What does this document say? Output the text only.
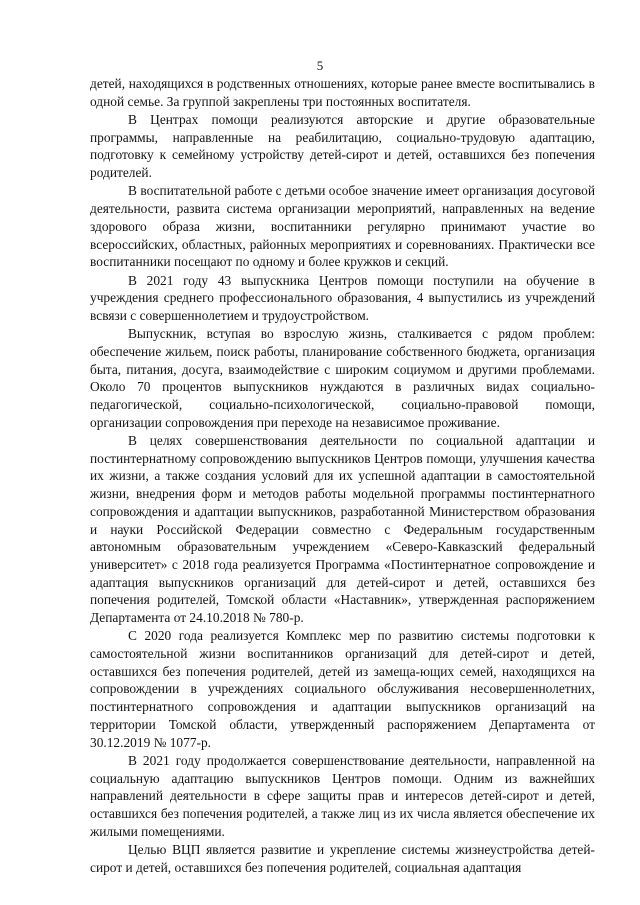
5

детей, находящихся в родственных отношениях, которые ранее вместе воспитывались в одной семье. За группой закреплены три постоянных воспитателя.

В Центрах помощи реализуются авторские и другие образовательные программы, направленные на реабилитацию, социально-трудовую адаптацию, подготовку к семейному устройству детей-сирот и детей, оставшихся без попечения родителей.

В воспитательной работе с детьми особое значение имеет организация досуговой деятельности, развита система организации мероприятий, направленных на ведение здорового образа жизни, воспитанники регулярно принимают участие во всероссийских, областных, районных мероприятиях и соревнованиях. Практически все воспитанники посещают по одному и более кружков и секций.

В 2021 году 43 выпускника Центров помощи поступили на обучение в учреждения среднего профессионального образования, 4 выпустились из учреждений всвязи с совершеннолетием и трудоустройством.

Выпускник, вступая во взрослую жизнь, сталкивается с рядом проблем: обеспечение жильем, поиск работы, планирование собственного бюджета, организация быта, питания, досуга, взаимодействие с широким социумом и другими проблемами. Около 70 процентов выпускников нуждаются в различных видах социально-педагогической, социально-психологической, социально-правовой помощи, организации сопровождения при переходе на независимое проживание.

В целях совершенствования деятельности по социальной адаптации и постинтернатному сопровождению выпускников Центров помощи, улучшения качества их жизни, а также создания условий для их успешной адаптации в самостоятельной жизни, внедрения форм и методов работы модельной программы постинтернатного сопровождения и адаптации выпускников, разработанной Министерством образования и науки Российской Федерации совместно с Федеральным государственным автономным образовательным учреждением «Северо-Кавказский федеральный университет» с 2018 года реализуется Программа «Постинтернатное сопровождение и адаптация выпускников организаций для детей-сирот и детей, оставшихся без попечения родителей, Томской области «Наставник», утвержденная распоряжением Департамента от 24.10.2018 № 780-р.

С 2020 года реализуется Комплекс мер по развитию системы подготовки к самостоятельной жизни воспитанников организаций для детей-сирот и детей, оставшихся без попечения родителей, детей из замеща-ющих семей, находящихся на сопровождении в учреждениях социального обслуживания несовершеннолетних, постинтернатного сопровождения и адаптации выпускников организаций на территории Томской области, утвержденный распоряжением Департамента от 30.12.2019 № 1077-р.

В 2021 году продолжается совершенствование деятельности, направленной на социальную адаптацию выпускников Центров помощи. Одним из важнейших направлений деятельности в сфере защиты прав и интересов детей-сирот и детей, оставшихся без попечения родителей, а также лиц из их числа является обеспечение их жилыми помещениями.

Целью ВЦП является развитие и укрепление системы жизнеустройства детей-сирот и детей, оставшихся без попечения родителей, социальная адаптация
